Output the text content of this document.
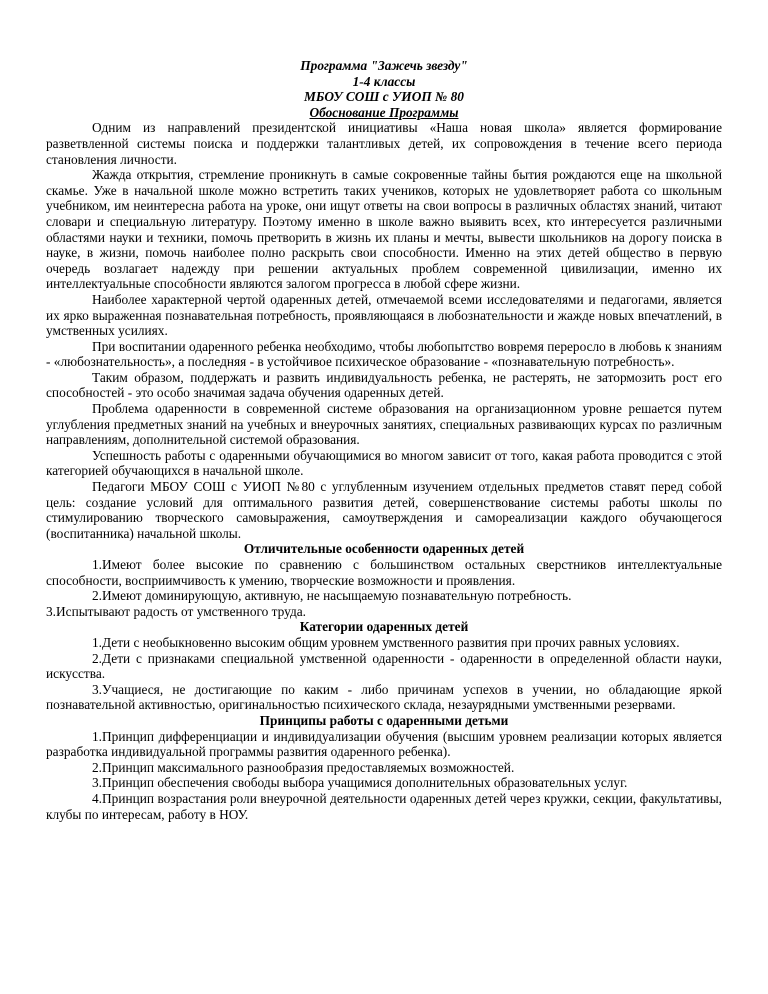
Программа "Зажечь звезду"
1-4 классы
МБОУ СОШ с УИОП № 80
Обоснование Программы

Одним из направлений президентской инициативы «Наша новая школа» является формирование разветвленной системы поиска и поддержки талантливых детей, их сопровождения в течение всего периода становления личности.

Жажда открытия, стремление проникнуть в самые сокровенные тайны бытия рождаются еще на школьной скамье. Уже в начальной школе можно встретить таких учеников, которых не удовлетворяет работа со школьным учебником, им неинтересна работа на уроке, они ищут ответы на свои вопросы в различных областях знаний, читают словари и специальную литературу. Поэтому именно в школе важно выявить всех, кто интересуется различными областями науки и техники, помочь претворить в жизнь их планы и мечты, вывести школьников на дорогу поиска в науке, в жизни, помочь наиболее полно раскрыть свои способности. Именно на этих детей общество в первую очередь возлагает надежду при решении актуальных проблем современной цивилизации, именно их интеллектуальные способности являются залогом прогресса в любой сфере жизни.

Наиболее характерной чертой одаренных детей, отмечаемой всеми исследователями и педагогами, является их ярко выраженная познавательная потребность, проявляющаяся в любознательности и жажде новых впечатлений, в умственных усилиях.

При воспитании одаренного ребенка необходимо, чтобы любопытство вовремя переросло в любовь к знаниям - «любознательность», а последняя - в устойчивое психическое образование - «познавательную потребность».

Таким образом, поддержать и развить индивидуальность ребенка, не растерять, не затормозить рост его способностей - это особо значимая задача обучения одаренных детей.

Проблема одаренности в современной системе образования на организационном уровне решается путем углубления предметных знаний на учебных и внеурочных занятиях, специальных развивающих курсах по различным направлениям, дополнительной системой образования.

Успешность работы с одаренными обучающимися во многом зависит от того, какая работа проводится с этой категорией обучающихся в начальной школе.

Педагоги МБОУ СОШ с УИОП №80 с углубленным изучением отдельных предметов ставят перед собой цель: создание условий для оптимального развития детей, совершенствование системы работы школы по стимулированию творческого самовыражения, самоутверждения и самореализации каждого обучающегося (воспитанника) начальной школы.

Отличительные особенности одаренных детей

1.Имеют более высокие по сравнению с большинством остальных сверстников интеллектуальные способности, восприимчивость к умению, творческие возможности и проявления.

2.Имеют доминирующую, активную, не насыщаемую познавательную потребность.

3.Испытывают радость от умственного труда.

Категории одаренных детей

1.Дети с необыкновенно высоким общим уровнем умственного развития при прочих равных условиях.

2.Дети с признаками специальной умственной одаренности - одаренности в определенной области науки, искусства.

3.Учащиеся, не достигающие по каким - либо причинам успехов в учении, но обладающие яркой познавательной активностью, оригинальностью психического склада, незаурядными умственными резервами.

Принципы работы с одаренными детьми

1.Принцип дифференциации и индивидуализации обучения (высшим уровнем реализации которых является разработка индивидуальной программы развития одаренного ребенка).

2.Принцип максимального разнообразия предоставляемых возможностей.

3.Принцип обеспечения свободы выбора учащимися дополнительных образовательных услуг.

4.Принцип возрастания роли внеурочной деятельности одаренных детей через кружки, секции, факультативы, клубы по интересам, работу в НОУ.
